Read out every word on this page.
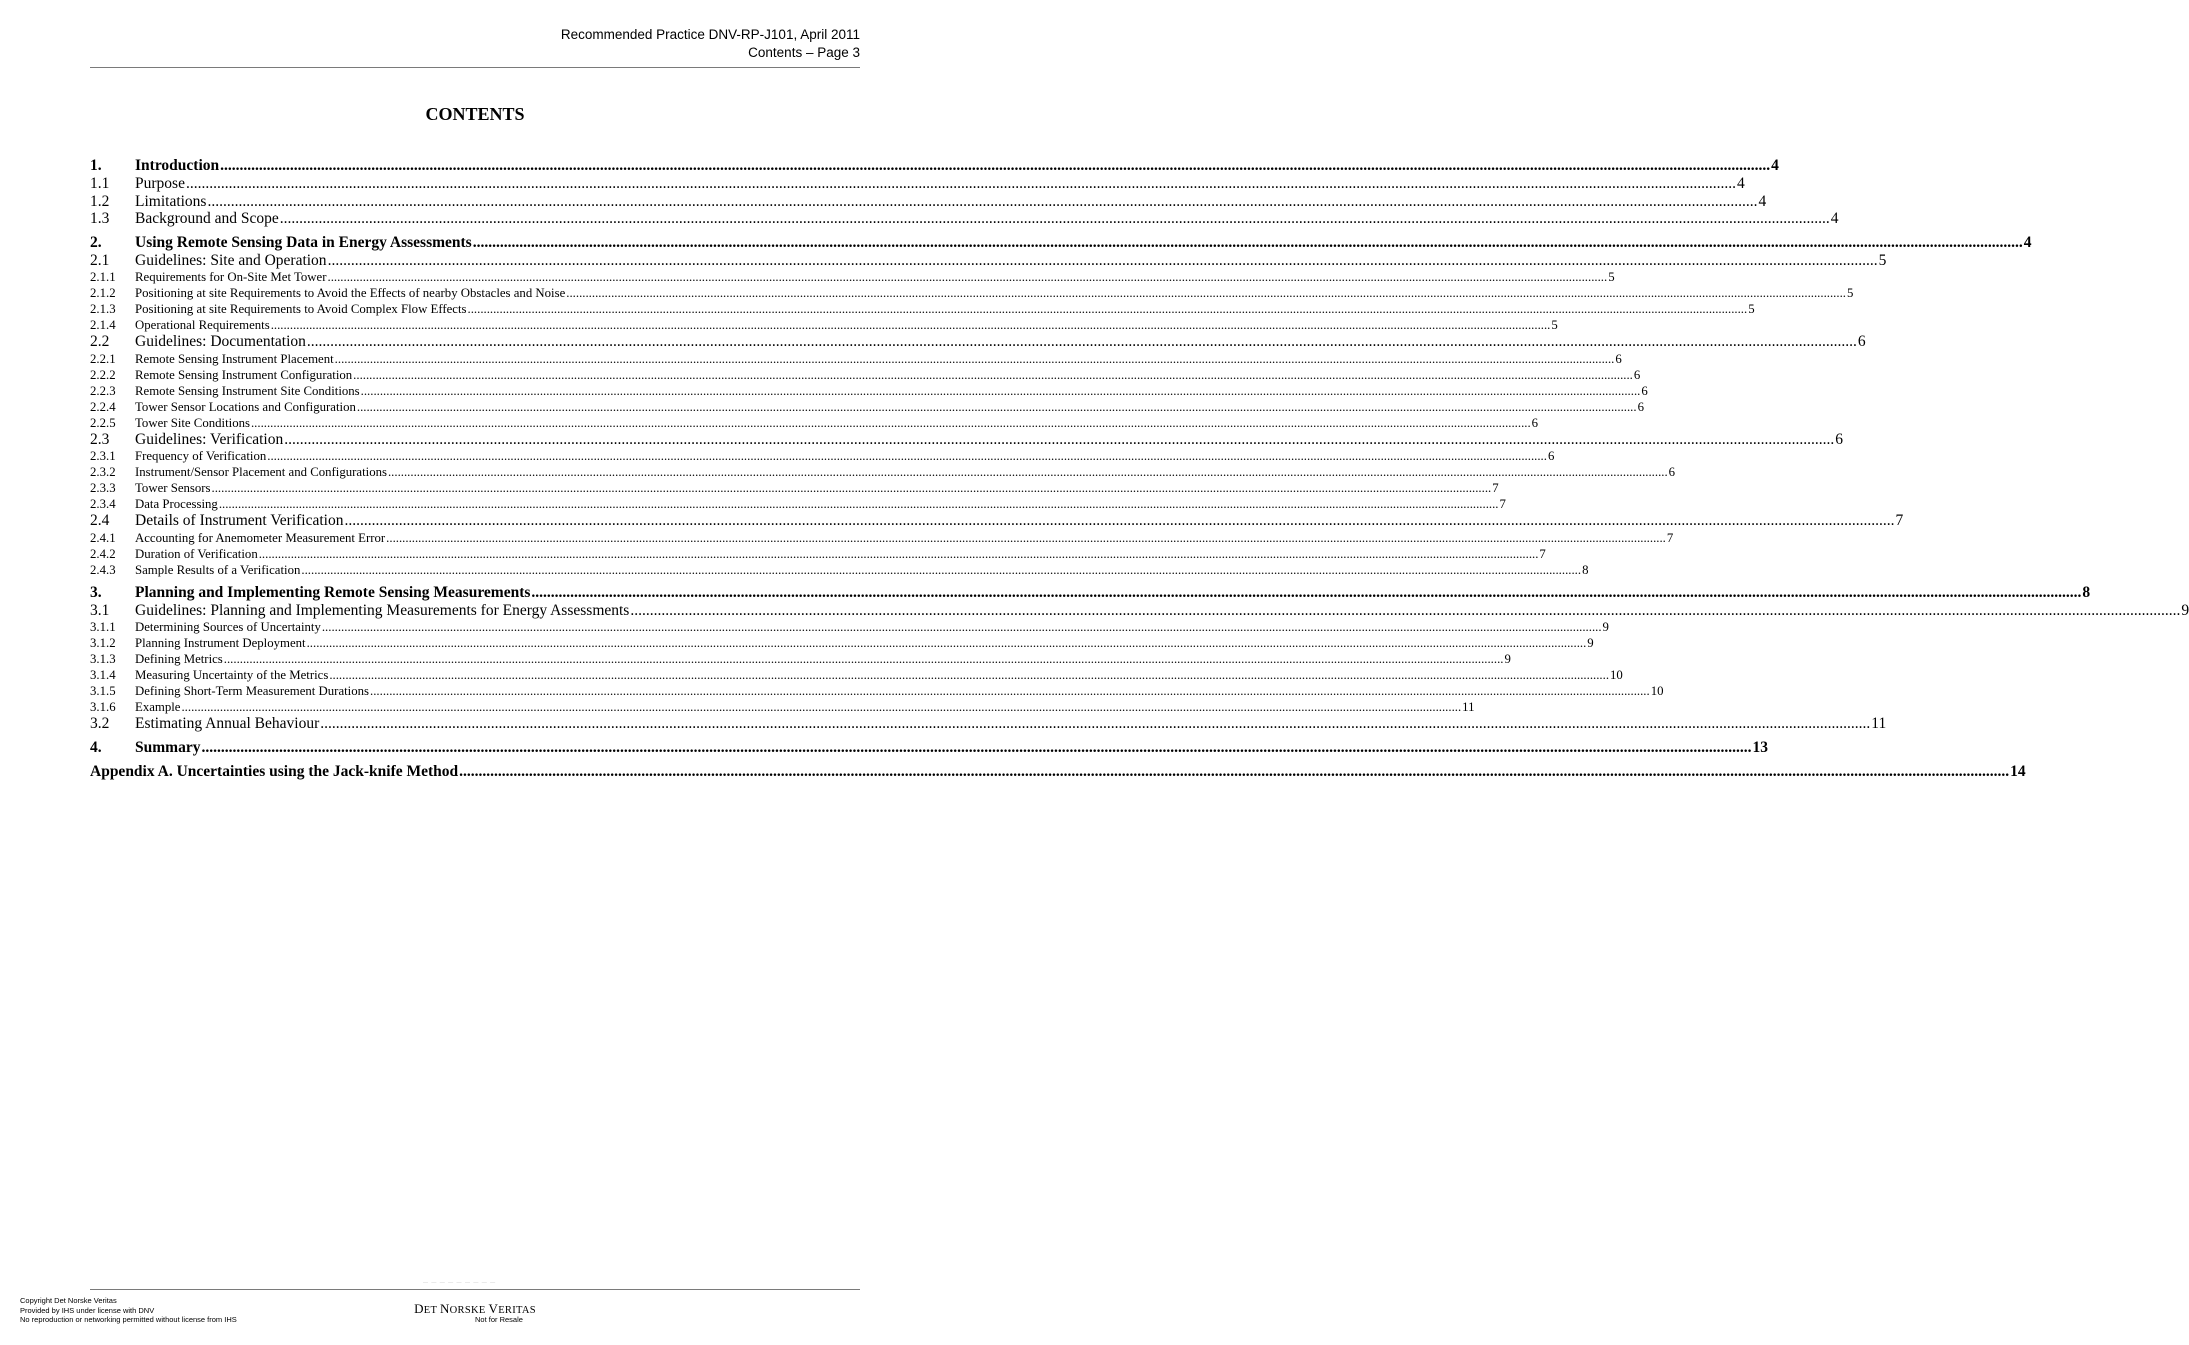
Recommended Practice DNV-RP-J101, April 2011
Contents – Page 3
CONTENTS
1.	Introduction ................................................................................................................................................................................................................................................................................................................................................................................................................ 4
1.1	Purpose ................................................................................................................................................................................................................................................................................................................................................................................................................ 4
1.2	Limitations ................................................................................................................................................................................................................................................................................................................................................................................................................ 4
1.3	Background and Scope ................................................................................................................................................................................................................................................................................................................................................................................................................ 4
2.	Using Remote Sensing Data in Energy Assessments ................................................................................................................................................................................................................................................................................................................................................................................................................ 4
2.1	Guidelines: Site and Operation ................................................................................................................................................................................................................................................................................................................................................................................................................ 5
2.1.1	Requirements for On-Site Met Tower ................................................................................................................................................................................................................................................................................................................................................................................................................ 5
2.1.2	Positioning at site Requirements to Avoid the Effects of nearby Obstacles and Noise ................................................................................................................................................................................................................................................................................................................................................................................................................ 5
2.1.3	Positioning at site Requirements to Avoid Complex Flow Effects ................................................................................................................................................................................................................................................................................................................................................................................................................ 5
2.1.4	Operational Requirements ................................................................................................................................................................................................................................................................................................................................................................................................................ 5
2.2	Guidelines: Documentation ................................................................................................................................................................................................................................................................................................................................................................................................................ 6
2.2.1	Remote Sensing Instrument Placement ................................................................................................................................................................................................................................................................................................................................................................................................................ 6
2.2.2	Remote Sensing Instrument Configuration ................................................................................................................................................................................................................................................................................................................................................................................................................ 6
2.2.3	Remote Sensing Instrument Site Conditions ................................................................................................................................................................................................................................................................................................................................................................................................................ 6
2.2.4	Tower Sensor Locations and Configuration ................................................................................................................................................................................................................................................................................................................................................................................................................ 6
2.2.5	Tower Site Conditions ................................................................................................................................................................................................................................................................................................................................................................................................................ 6
2.3	Guidelines: Verification ................................................................................................................................................................................................................................................................................................................................................................................................................ 6
2.3.1	Frequency of Verification ................................................................................................................................................................................................................................................................................................................................................................................................................ 6
2.3.2	Instrument/Sensor Placement and Configurations ................................................................................................................................................................................................................................................................................................................................................................................................................ 6
2.3.3	Tower Sensors ................................................................................................................................................................................................................................................................................................................................................................................................................ 7
2.3.4	Data Processing ................................................................................................................................................................................................................................................................................................................................................................................................................ 7
2.4	Details of Instrument Verification ................................................................................................................................................................................................................................................................................................................................................................................................................ 7
2.4.1	Accounting for Anemometer Measurement Error ................................................................................................................................................................................................................................................................................................................................................................................................................ 7
2.4.2	Duration of Verification ................................................................................................................................................................................................................................................................................................................................................................................................................ 7
2.4.3	Sample Results of a Verification ................................................................................................................................................................................................................................................................................................................................................................................................................ 8
3.	Planning and Implementing Remote Sensing Measurements ................................................................................................................................................................................................................................................................................................................................................................................................................ 8
3.1	Guidelines: Planning and Implementing Measurements for Energy Assessments ................................................................................................................................................................................................................................................................................................................................................................................................................ 9
3.1.1	Determining Sources of Uncertainty ................................................................................................................................................................................................................................................................................................................................................................................................................ 9
3.1.2	Planning Instrument Deployment ................................................................................................................................................................................................................................................................................................................................................................................................................ 9
3.1.3	Defining Metrics ................................................................................................................................................................................................................................................................................................................................................................................................................ 9
3.1.4	Measuring Uncertainty of the Metrics ................................................................................................................................................................................................................................................................................................................................................................................................................ 10
3.1.5	Defining Short-Term Measurement Durations ................................................................................................................................................................................................................................................................................................................................................................................................................ 10
3.1.6	Example ................................................................................................................................................................................................................................................................................................................................................................................................................ 11
3.2	Estimating Annual Behaviour ................................................................................................................................................................................................................................................................................................................................................................................................................ 11
4.	Summary ................................................................................................................................................................................................................................................................................................................................................................................................................ 13
Appendix A. Uncertainties using the Jack-knife Method ................................................................................................................................................................................................................................................................................................................................................................................................................ 14
— — — — — — — — —
Copyright Det Norske Veritas
Provided by IHS under license with DNV
No reproduction or networking permitted without license from IHS
DET NORSKE VERITAS
Not for Resale
